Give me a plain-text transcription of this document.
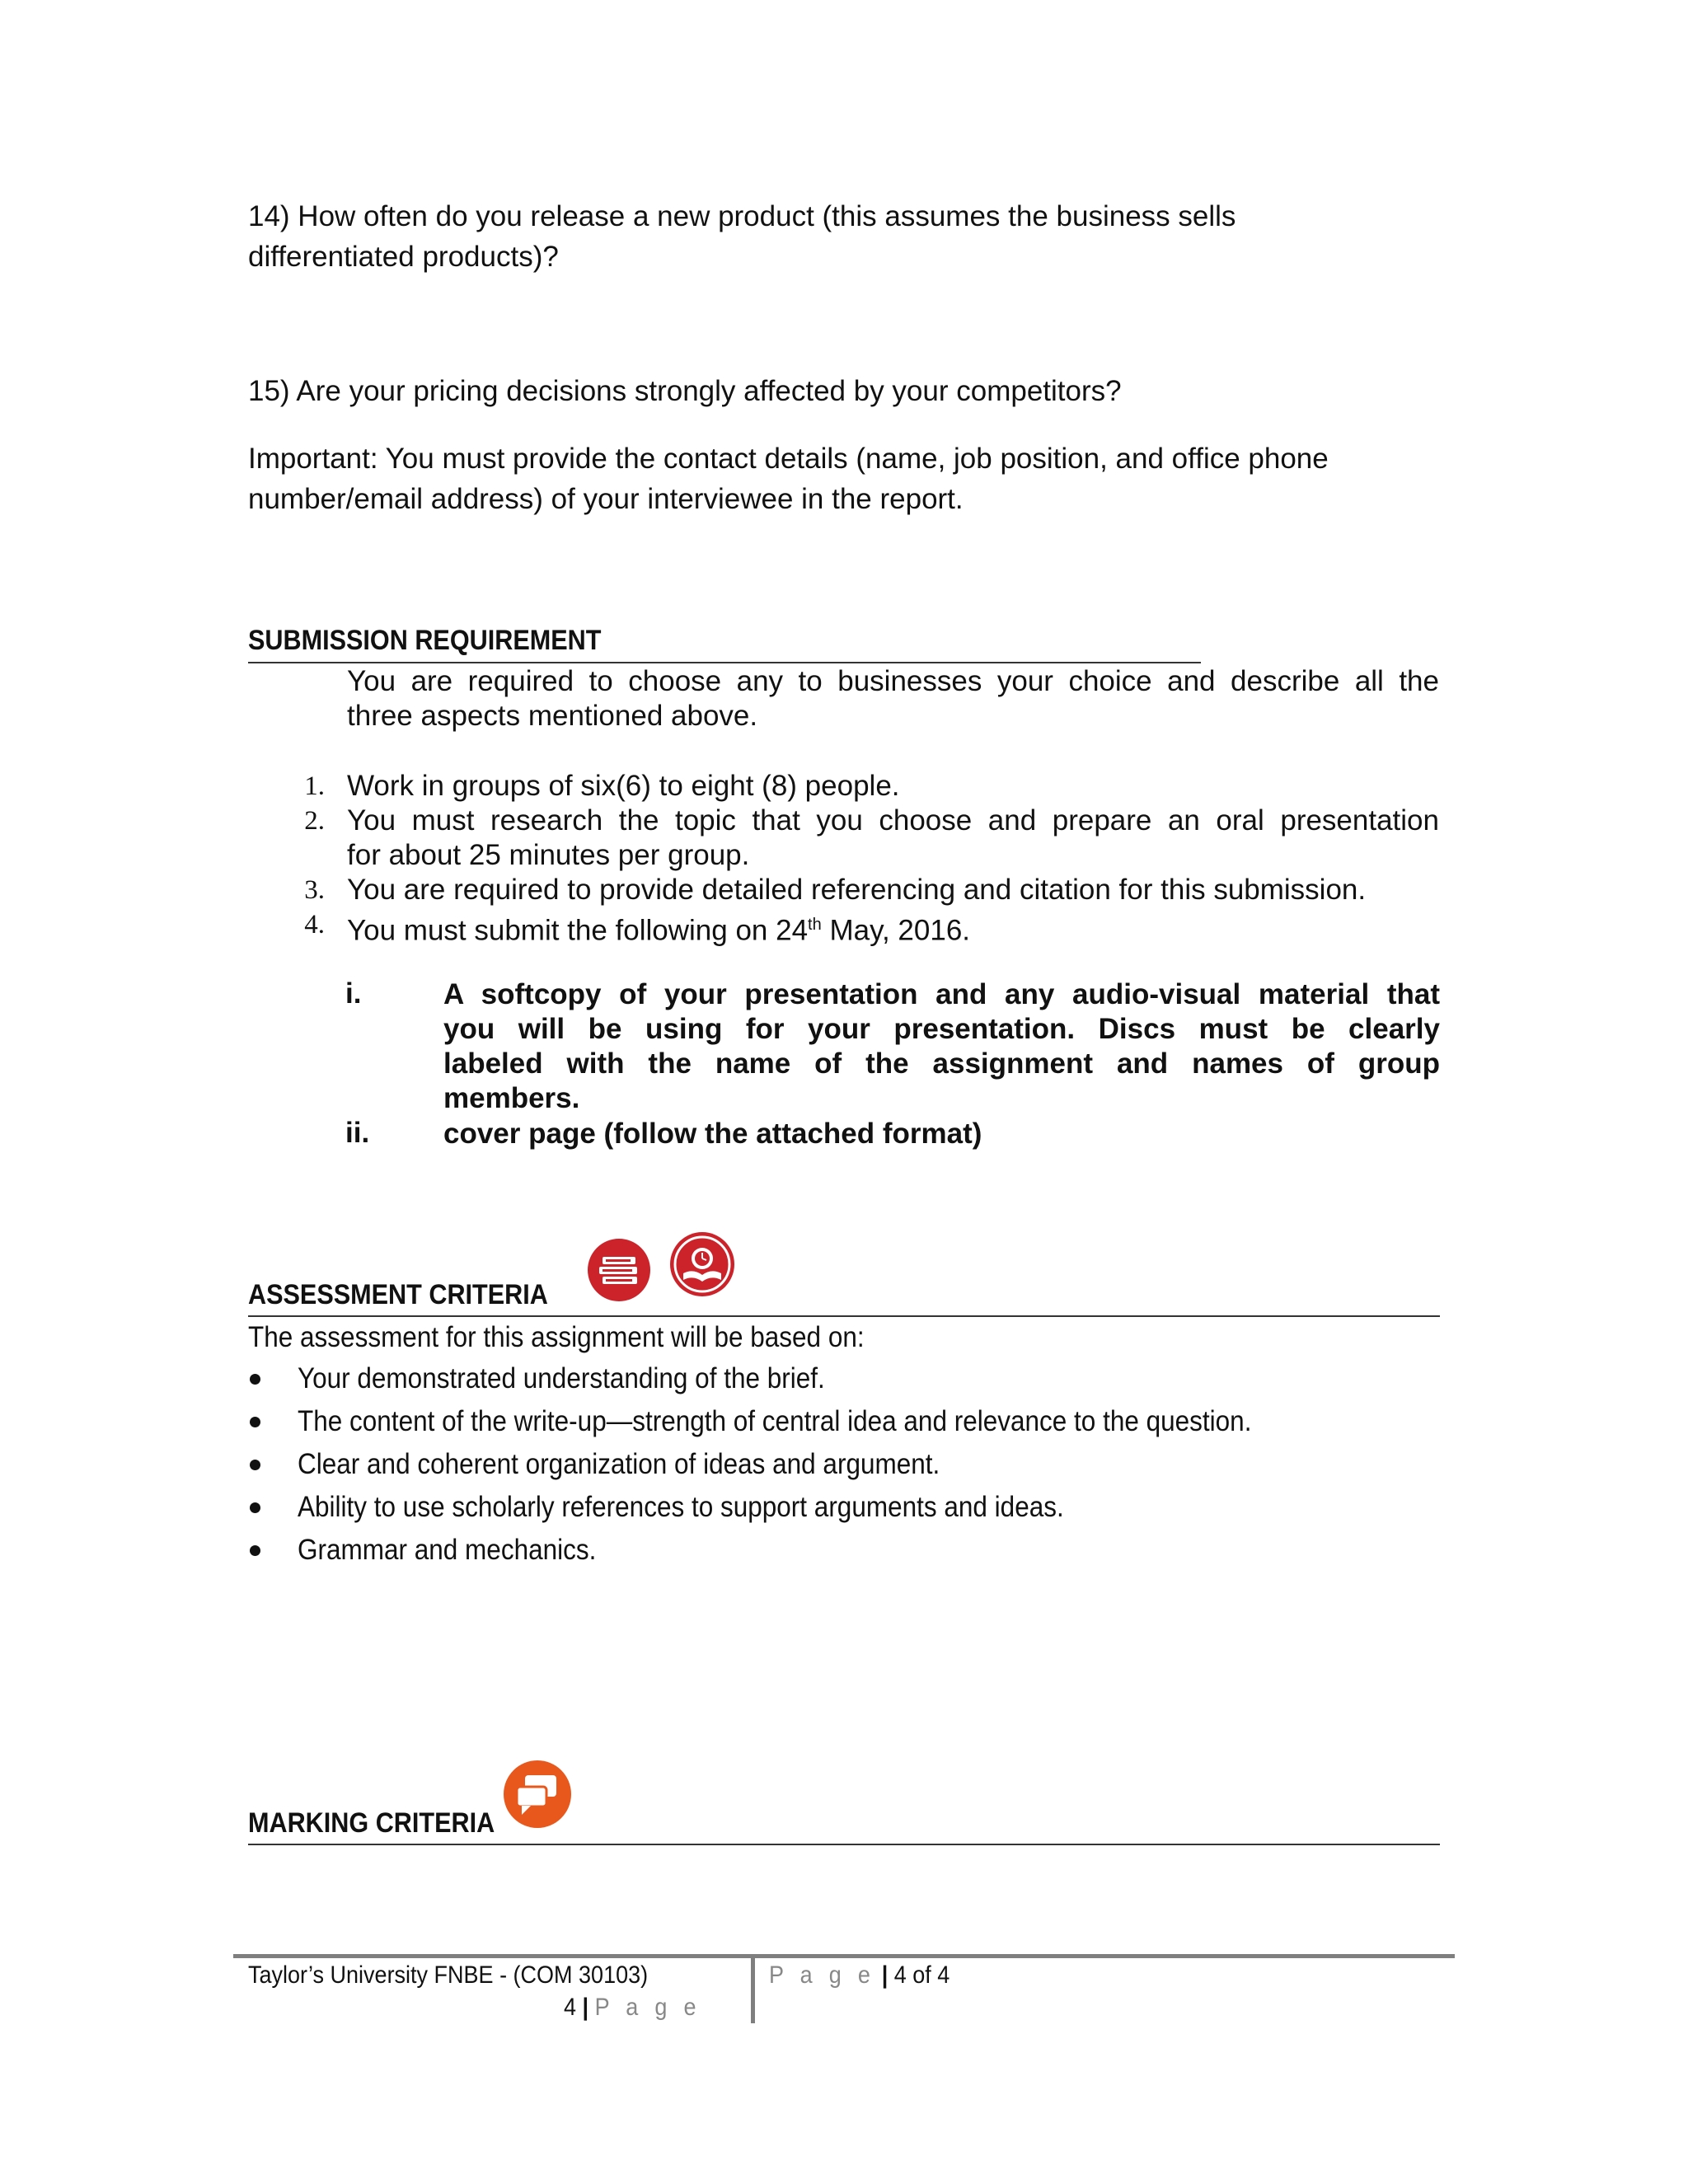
14) How often do you release a new product (this assumes the business sells
differentiated products)?
15) Are your pricing decisions strongly affected by your competitors?
Important: You must provide the contact details (name, job position, and office phone
number/email address) of your interviewee in the report.
SUBMISSION REQUIREMENT
You are required to choose any to businesses your choice and describe all the
three aspects mentioned above.
1. Work in groups of six(6) to eight (8) people.
2. You must research the topic that you choose and prepare an oral presentation
for about 25 minutes per group.
3. You are required to provide detailed referencing and citation for this submission.
4. You must submit the following on 24th May, 2016.
i.	A softcopy of your presentation and any audio-visual material that
you will be using for your presentation. Discs must be clearly
labeled with the name of the assignment and names of group
members.
ii.	cover page (follow the attached format)
ASSESSMENT CRITERIA
The assessment for this assignment will be based on:
Your demonstrated understanding of the brief.
The content of the write-up—strength of central idea and relevance to the question.
Clear and coherent organization of ideas and argument.
Ability to use scholarly references to support arguments and ideas.
Grammar and mechanics.
MARKING CRITERIA
Taylor’s University FNBE - (COM 30103)
4 | P a g e
P a g e | 4 of 4
